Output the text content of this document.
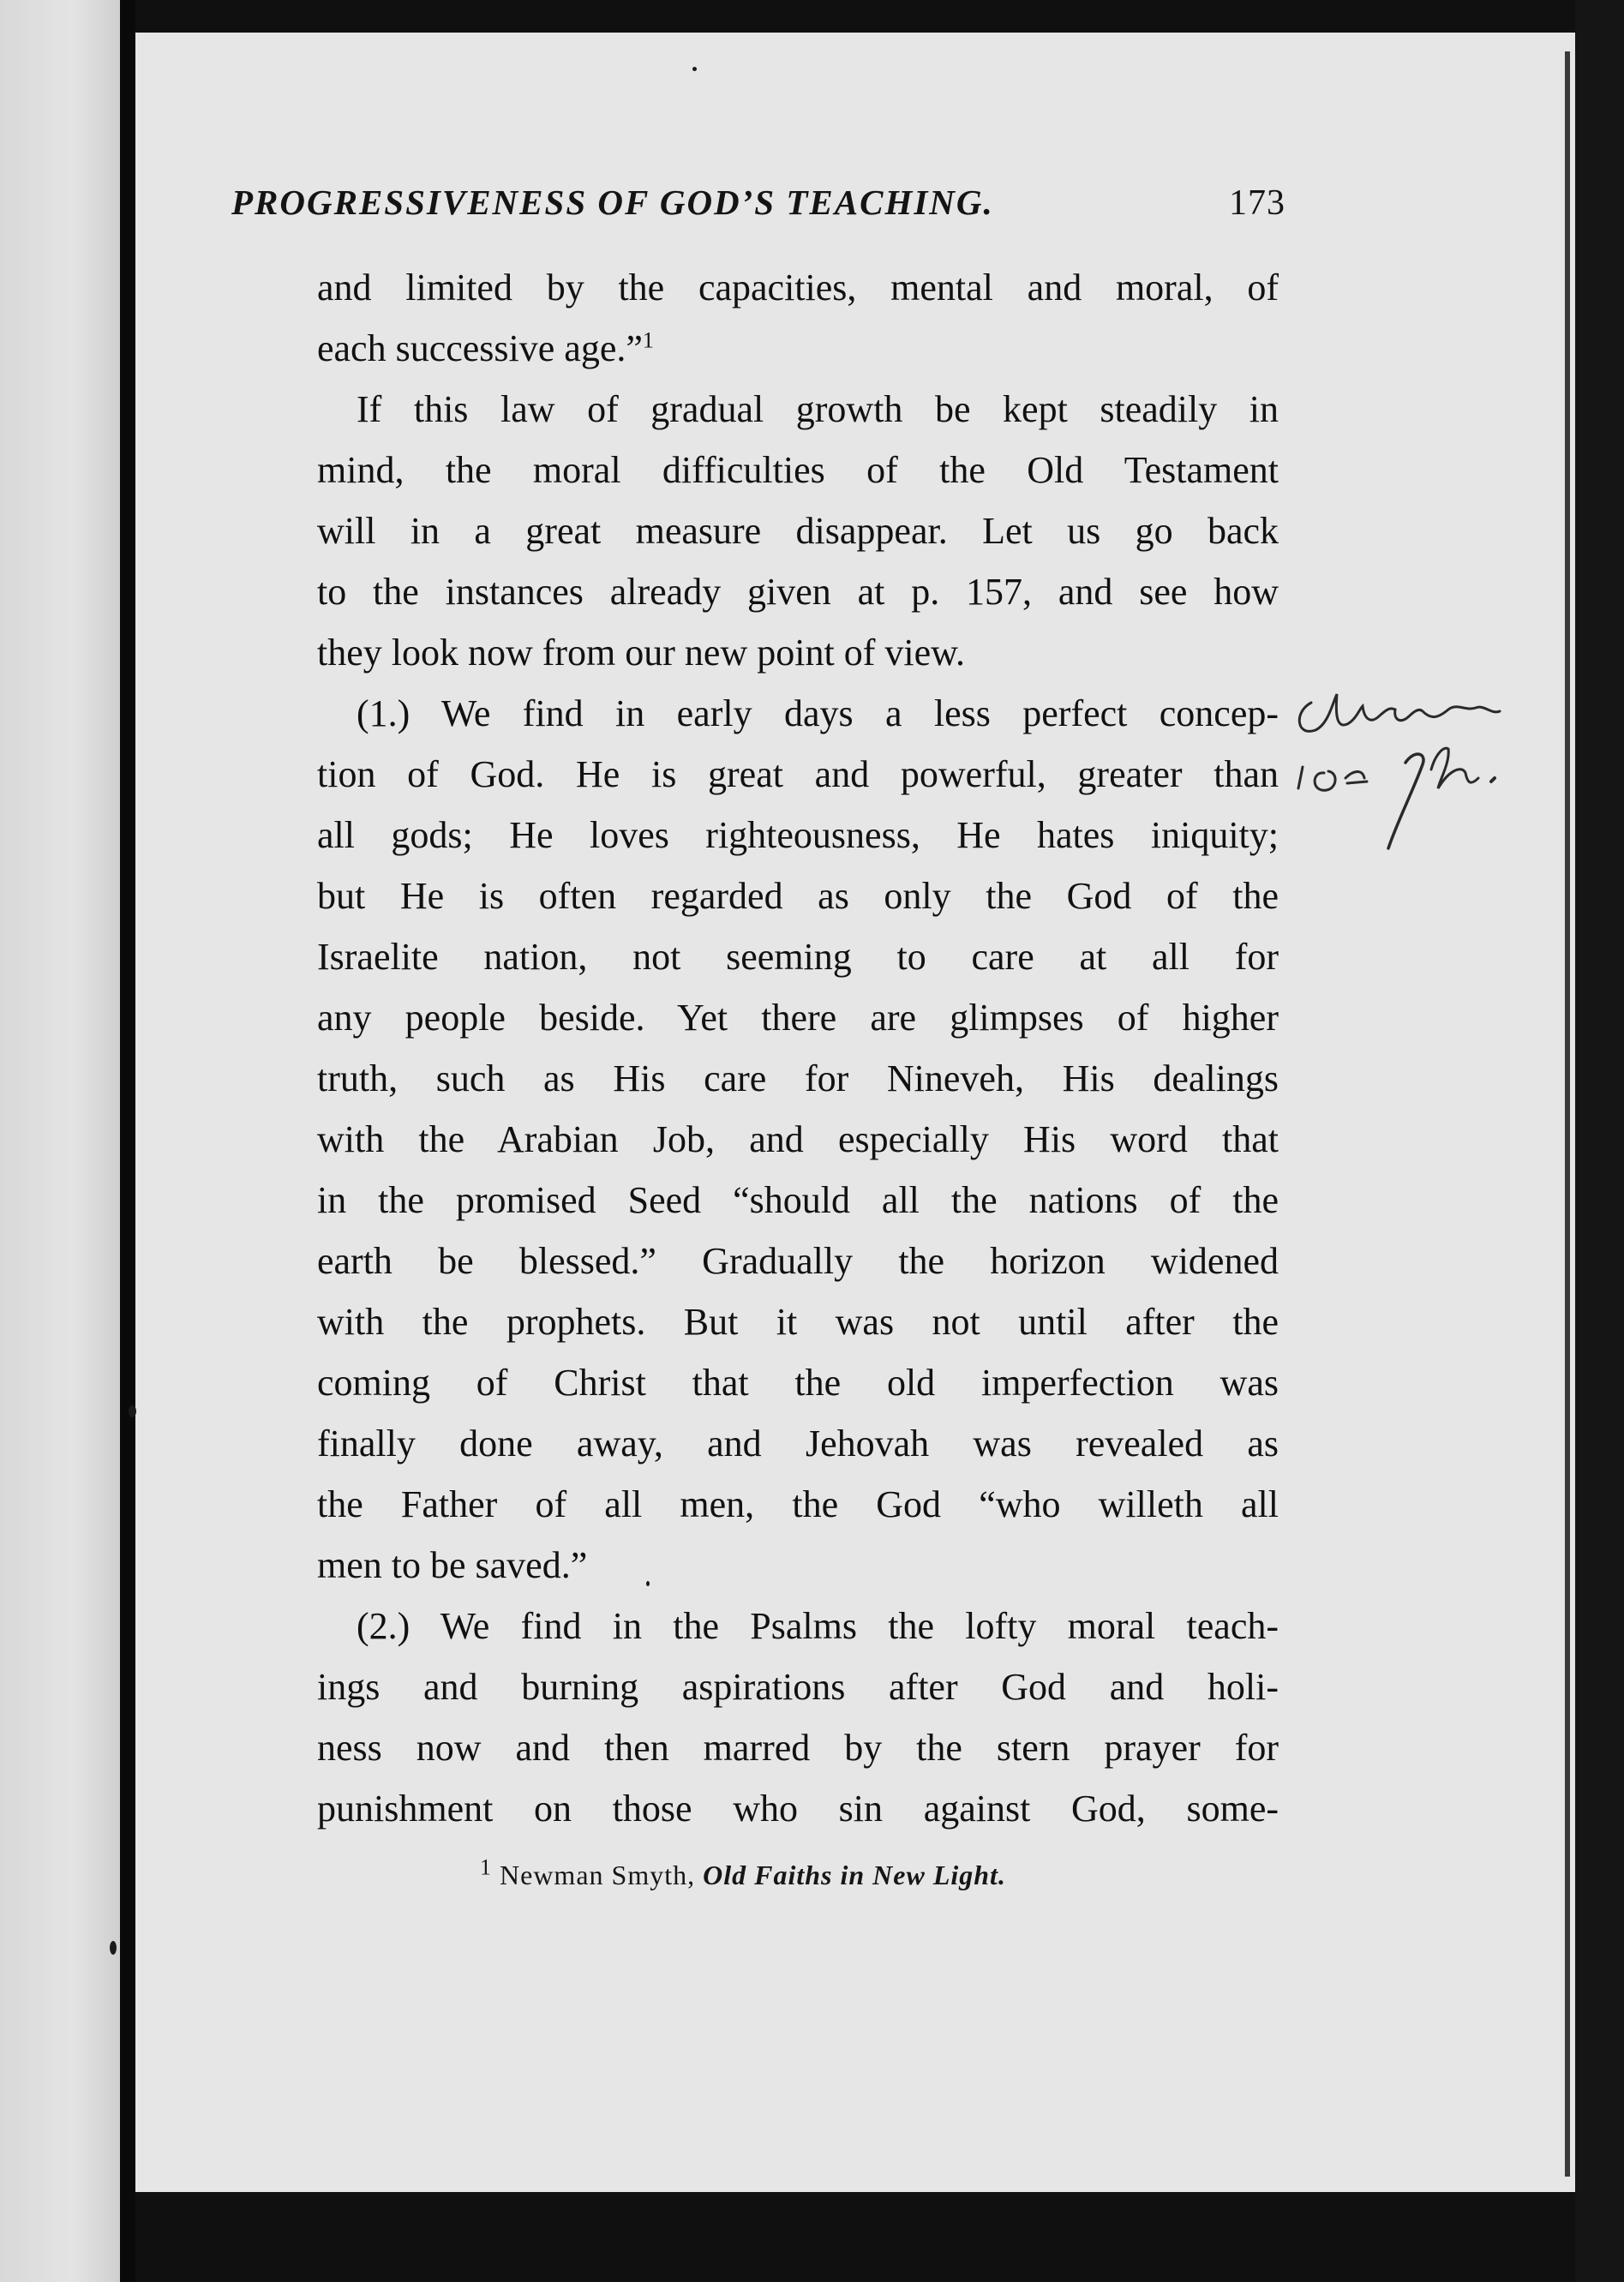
PROGRESSIVENESS OF GOD’S TEACHING.	173

and limited by the capacities, mental and moral, of
each successive age.”$^1$

If this law of gradual growth be kept steadily in
mind, the moral difficulties of the Old Testament
will in a great measure disappear. Let us go back
to the instances already given at p. 157, and see how
they look now from our new point of view.

(1.) We find in early days a less perfect concep-
tion of God. He is great and powerful, greater than
all gods; He loves righteousness, He hates iniquity;
but He is often regarded as only the God of the
Israelite nation, not seeming to care at all for
any people beside. Yet there are glimpses of higher
truth, such as His care for Nineveh, His dealings
with the Arabian Job, and especially His word that
in the promised Seed “should all the nations of the
earth be blessed.” Gradually the horizon widened
with the prophets. But it was not until after the
coming of Christ that the old imperfection was
finally done away, and Jehovah was revealed as
the Father of all men, the God “who willeth all
men to be saved.”

(2.) We find in the Psalms the lofty moral teach-
ings and burning aspirations after God and holi-
ness now and then marred by the stern prayer for
punishment on those who sin against God, some-

$^1$ Newman Smyth, Old Faiths in New Light.
